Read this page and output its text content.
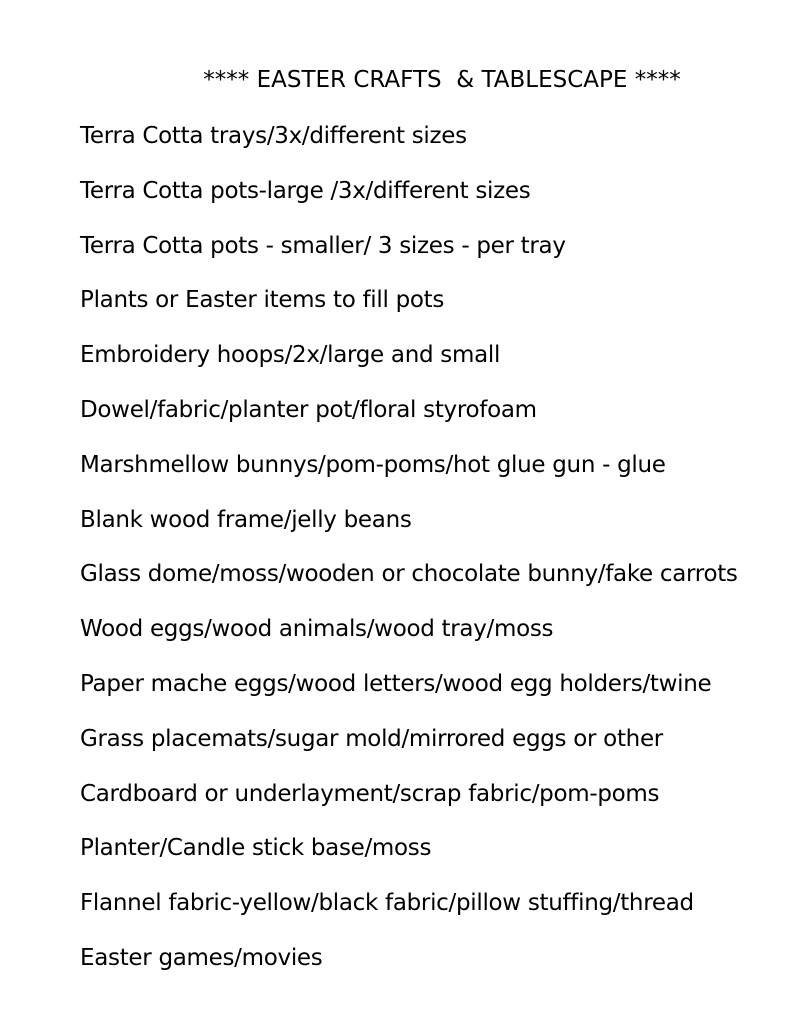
**** EASTER CRAFTS  & TABLESCAPE ****
Terra Cotta trays/3x/different sizes
Terra Cotta pots-large /3x/different sizes
Terra Cotta pots - smaller/ 3 sizes - per tray
Plants or Easter items to fill pots
Embroidery hoops/2x/large and small
Dowel/fabric/planter pot/floral styrofoam
Marshmellow bunnys/pom-poms/hot glue gun - glue
Blank wood frame/jelly beans
Glass dome/moss/wooden or chocolate bunny/fake carrots
Wood eggs/wood animals/wood tray/moss
Paper mache eggs/wood letters/wood egg holders/twine
Grass placemats/sugar mold/mirrored eggs or other
Cardboard or underlayment/scrap fabric/pom-poms
Planter/Candle stick base/moss
Flannel fabric-yellow/black fabric/pillow stuffing/thread
Easter games/movies
